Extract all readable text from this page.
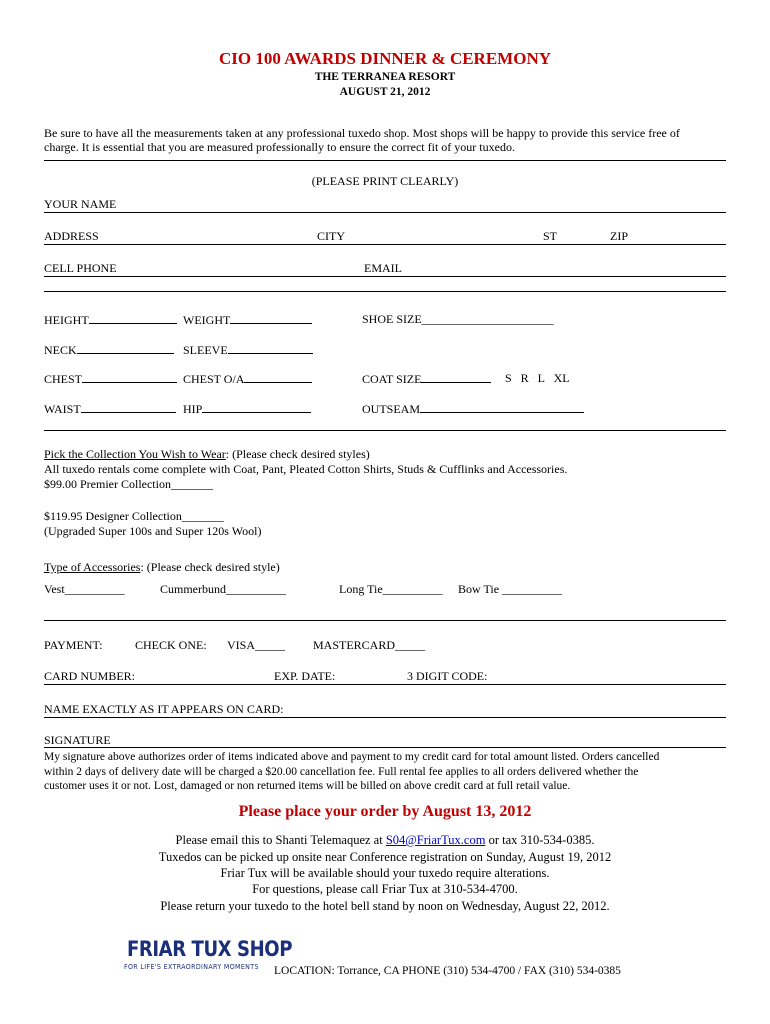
CIO 100 AWARDS DINNER & CEREMONY
THE TERRANEA RESORT
AUGUST 21, 2012
Be sure to have all the measurements taken at any professional tuxedo shop. Most shops will be happy to provide this service free of
charge. It is essential that you are measured professionally to ensure the correct fit of your tuxedo.
(PLEASE PRINT CLEARLY)
YOUR NAME
ADDRESS	CITY	ST	ZIP
CELL PHONE	EMAIL
HEIGHT	WEIGHT	SHOE SIZE______________________
NECK	SLEEVE
CHEST	CHEST O/A	COAT SIZE	S   R   L   XL
WAIST	HIP	OUTSEAM
Pick the Collection You Wish to Wear: (Please check desired styles)
All tuxedo rentals come complete with Coat, Pant, Pleated Cotton Shirts, Studs & Cufflinks and Accessories.
$99.00 Premier Collection_______
$119.95 Designer Collection_______
(Upgraded Super 100s and Super 120s Wool)
Type of Accessories: (Please check desired style)
Vest__________	Cummerbund__________	Long Tie__________ Bow Tie __________
PAYMENT:	CHECK ONE: VISA_____ MASTERCARD_____
CARD NUMBER:	EXP. DATE:	3 DIGIT CODE:
NAME EXACTLY AS IT APPEARS ON CARD:
SIGNATURE
My signature above authorizes order of items indicated above and payment to my credit card for total amount listed. Orders cancelled
within 2 days of delivery date will be charged a $20.00 cancellation fee. Full rental fee applies to all orders delivered whether the
customer uses it or not. Lost, damaged or non returned items will be billed on above credit card at full retail value.
Please place your order by August 13, 2012
Please email this to Shanti Telemaquez at S04@FriarTux.com or tax 310-534-0385.
Tuxedos can be picked up onsite near Conference registration on Sunday, August 19, 2012
Friar Tux will be available should your tuxedo require alterations.
For questions, please call Friar Tux at 310-534-4700.
Please return your tuxedo to the hotel bell stand by noon on Wednesday, August 22, 2012.
FRIAR TUX SHOP
FOR LIFE'S EXTRAORDINARY MOMENTS LOCATION: Torrance, CA PHONE (310) 534-4700 / FAX (310) 534-0385
